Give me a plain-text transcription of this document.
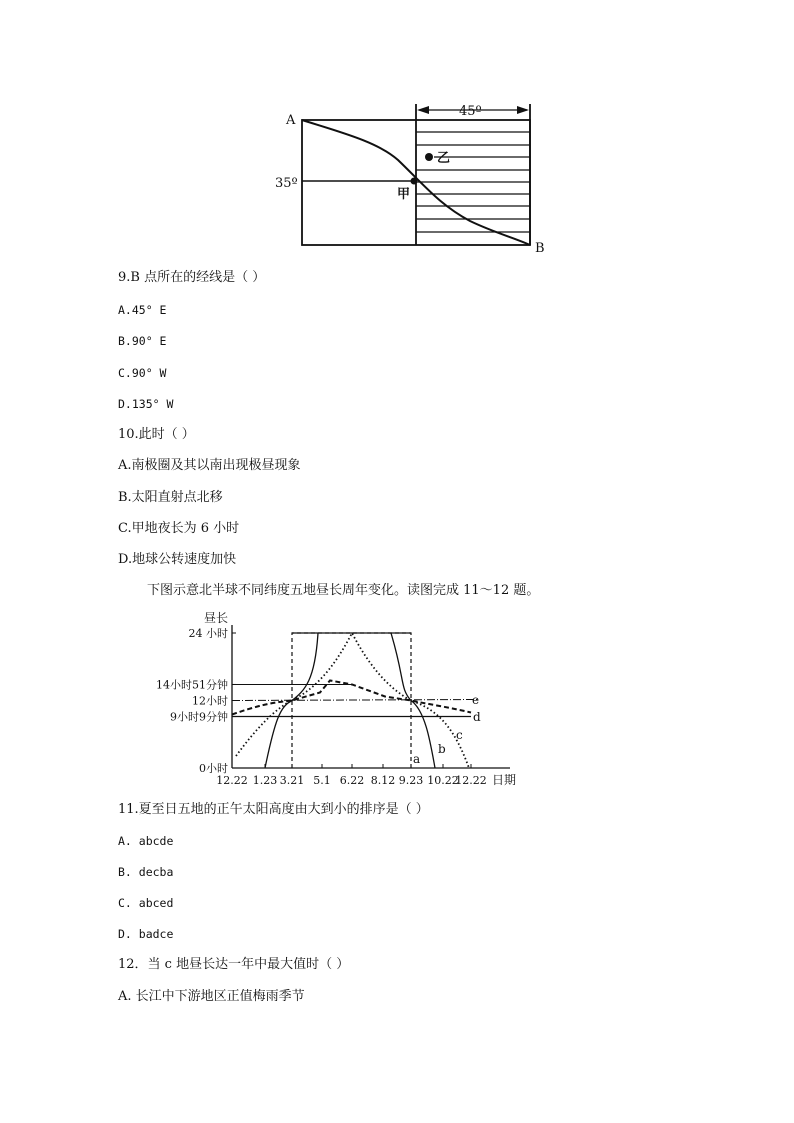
A
B
35º
45º
甲
乙
9.B 点所在的经线是（ ）
A.45° E
B.90° E
C.90° W
D.135° W
10.此时（ ）
A.南极圈及其以南出现极昼现象
B.太阳直射点北移
C.甲地夜长为 6 小时
D.地球公转速度加快
下图示意北半球不同纬度五地昼长周年变化。读图完成 11～12 题。
昼长
24 小时
14小时51分钟
12小时
9小时9分钟
0小时
12.22 1.23 3.21 5.1 6.22 8.12 9.23 10.22
12.22 日期
a
b
c
d
e
11.夏至日五地的正午太阳高度由大到小的排序是（ ）
A. abcde
B. decba
C. abced
D. badce
12．当 c 地昼长达一年中最大值时（ ）
A. 长江中下游地区正值梅雨季节
